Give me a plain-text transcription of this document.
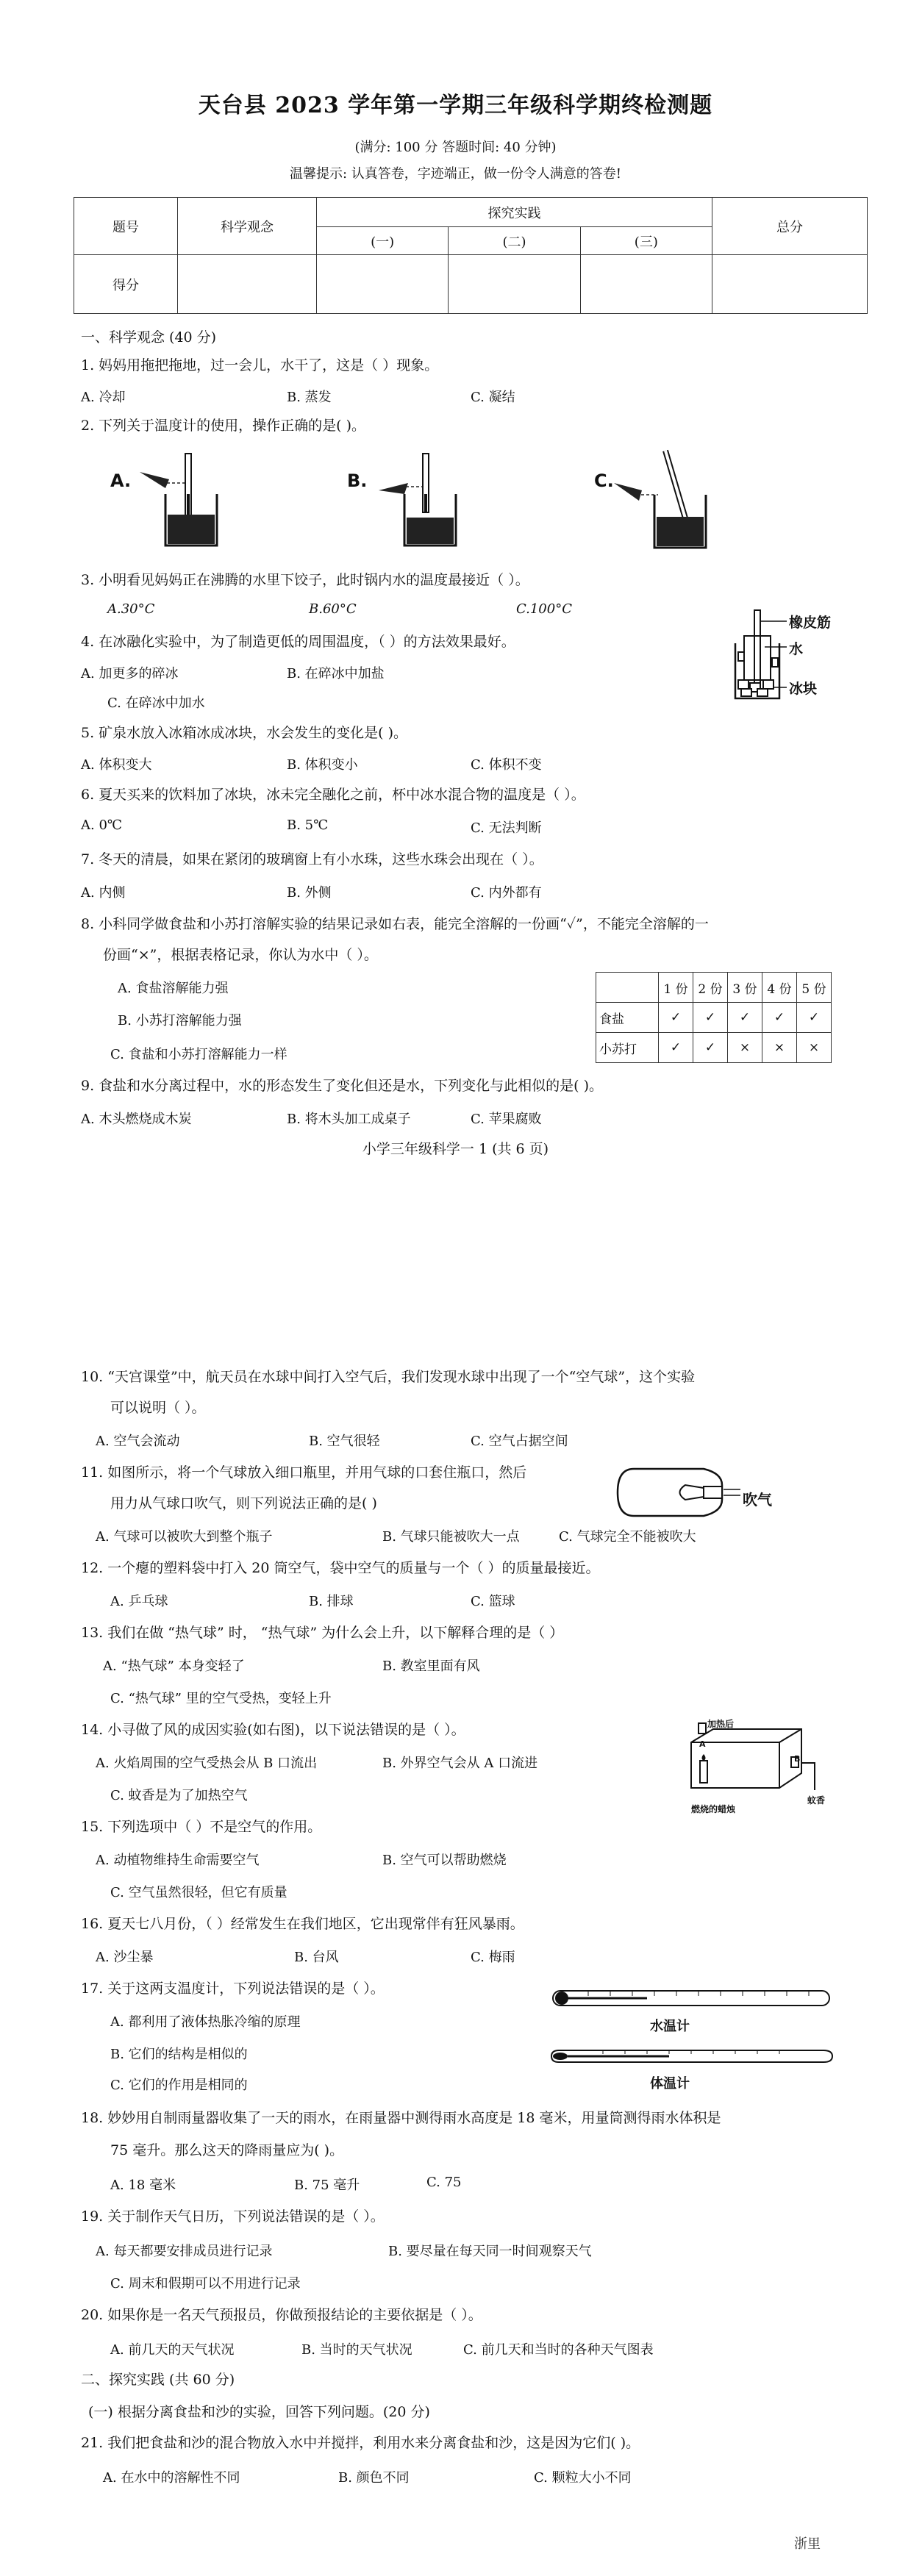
天台县 2023 学年第一学期三年级科学期终检测题
(满分: 100 分 答题时间: 40 分钟)
温馨提示: 认真答卷，字迹端正，做一份令人满意的答卷!
题号	科学观念	探究实践			总分
		(一)	(二)	(三)	
得分					
一、科学观念 (40 分)
1. 妈妈用拖把拖地，过一会儿，水干了，这是（ ）现象。
A. 冷却	B. 蒸发	C. 凝结
2. 下列关于温度计的使用，操作正确的是( )。
A.	B.	C.
3. 小明看见妈妈正在沸腾的水里下饺子，此时锅内水的温度最接近（ ）。
A.30°C	B.60°C	C.100°C
4. 在冰融化实验中，为了制造更低的周围温度，（ ）的方法效果最好。
A. 加更多的碎冰	B. 在碎冰中加盐
C. 在碎冰中加水
橡皮筋
水
冰块
5. 矿泉水放入冰箱冰成冰块，水会发生的变化是( )。
A. 体积变大	B. 体积变小	C. 体积不变
6. 夏天买来的饮料加了冰块，冰未完全融化之前，杯中冰水混合物的温度是（ ）。
A. 0℃	B. 5℃	C. 无法判断
7. 冬天的清晨，如果在紧闭的玻璃窗上有小水珠，这些水珠会出现在（ ）。
A. 内侧	B. 外侧	C. 内外都有
8. 小科同学做食盐和小苏打溶解实验的结果记录如右表，能完全溶解的一份画“✓”，不能完全溶解的一
份画“×”，根据表格记录，你认为水中（ ）。
A. 食盐溶解能力强
B. 小苏打溶解能力强
C. 食盐和小苏打溶解能力一样
	1 份	2 份	3 份	4 份	5 份
食盐	✓	✓	✓	✓	✓
小苏打	✓	✓	×	×	×
9. 食盐和水分离过程中，水的形态发生了变化但还是水，下列变化与此相似的是( )。
A. 木头燃烧成木炭	B. 将木头加工成桌子	C. 苹果腐败
小学三年级科学一 1 (共 6 页)
10. “天宫课堂”中，航天员在水球中间打入空气后，我们发现水球中出现了一个“空气球”，这个实验
可以说明（ ）。
A. 空气会流动	B. 空气很轻	C. 空气占据空间
11. 如图所示，将一个气球放入细口瓶里，并用气球的口套住瓶口，然后
用力从气球口吹气，则下列说法正确的是( )
A. 气球可以被吹大到整个瓶子	B. 气球只能被吹大一点	C. 气球完全不能被吹大
吹气
12. 一个瘪的塑料袋中打入 20 筒空气，袋中空气的质量与一个（ ）的质量最接近。
A. 乒乓球	B. 排球	C. 篮球
13. 我们在做 “热气球” 时， “热气球” 为什么会上升，以下解释合理的是（ ）
A. “热气球” 本身变轻了	B. 教室里面有风
C. “热气球” 里的空气受热，变轻上升
14. 小寻做了风的成因实验(如右图)，以下说法错误的是（ ）。
A. 火焰周围的空气受热会从 B 口流出	B. 外界空气会从 A 口流进
C. 蚊香是为了加热空气
加热后
A
B
燃烧的蜡烛
蚊香
15. 下列选项中（ ）不是空气的作用。
A. 动植物维持生命需要空气	B. 空气可以帮助燃烧
C. 空气虽然很轻，但它有质量
16. 夏天七八月份，（ ）经常发生在我们地区，它出现常伴有狂风暴雨。
A. 沙尘暴	B. 台风	C. 梅雨
17. 关于这两支温度计，下列说法错误的是（ ）。
A. 都利用了液体热胀冷缩的原理
B. 它们的结构是相似的
C. 它们的作用是相同的
水温计
体温计
18. 妙妙用自制雨量器收集了一天的雨水，在雨量器中测得雨水高度是 18 毫米，用量筒测得雨水体积是
75 毫升。那么这天的降雨量应为( )。
A. 18 毫米	B. 75 毫升	C. 75
19. 关于制作天气日历，下列说法错误的是（ ）。
A. 每天都要安排成员进行记录	B. 要尽量在每天同一时间观察天气
C. 周末和假期可以不用进行记录
20. 如果你是一名天气预报员，你做预报结论的主要依据是（ ）。
A. 前几天的天气状况	B. 当时的天气状况	C. 前几天和当时的各种天气图表
二、探究实践 (共 60 分)
(一) 根据分离食盐和沙的实验，回答下列问题。(20 分)
21. 我们把食盐和沙的混合物放入水中并搅拌，利用水来分离食盐和沙，这是因为它们( )。
A. 在水中的溶解性不同	B. 颜色不同	C. 颗粒大小不同
浙里
